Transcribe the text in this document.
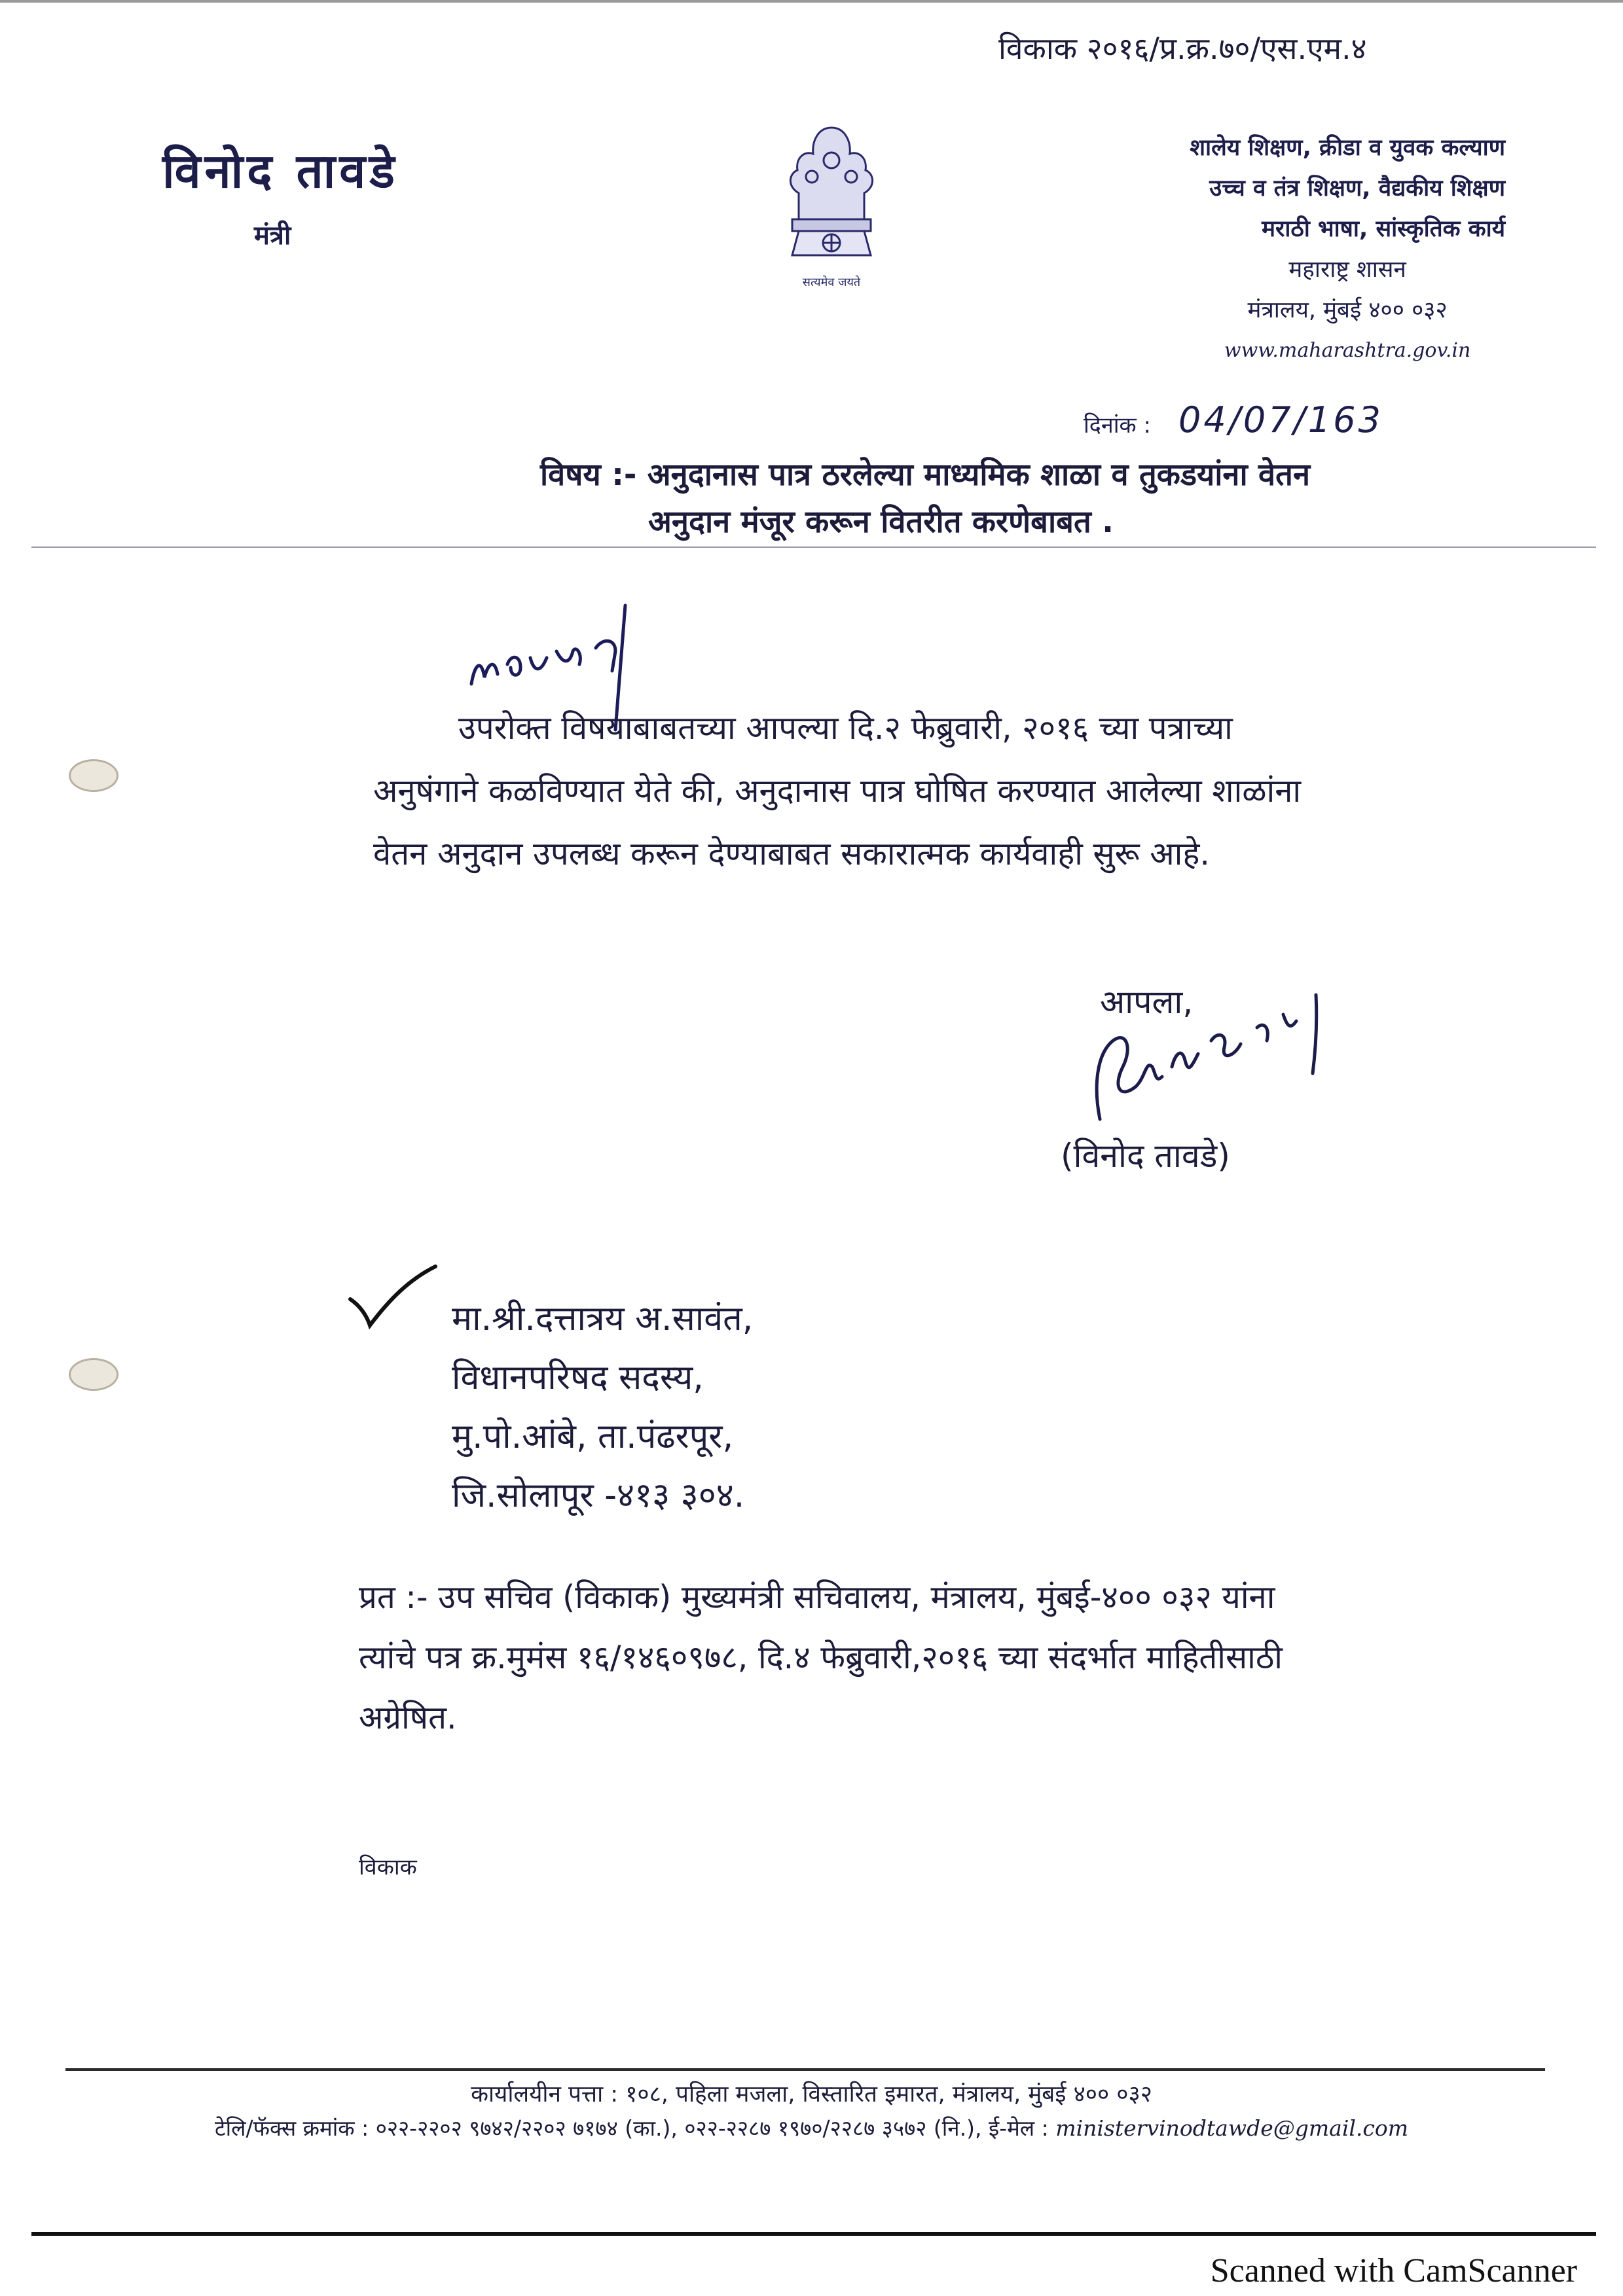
विकाक २०१६/प्र.क्र.७०/एस.एम.४
विनोद तावडे
मंत्री
सत्यमेव जयते
शालेय शिक्षण, क्रीडा व युवक कल्याण
उच्च व तंत्र शिक्षण, वैद्यकीय शिक्षण
मराठी भाषा, सांस्कृतिक कार्य
महाराष्ट्र शासन
मंत्रालय, मुंबई ४०० ०३२
www.maharashtra.gov.in
दिनांक : 04/07/163
विषय :- अनुदानास पात्र ठरलेल्या माध्यमिक शाळा व तुकडयांना वेतन
अनुदान मंजूर करून वितरीत करणेबाबत .
उपरोक्त विषयाबाबतच्या आपल्या दि.२ फेब्रुवारी, २०१६ च्या पत्राच्या
अनुषंगाने कळविण्यात येते की, अनुदानास पात्र घोषित करण्यात आलेल्या शाळांना
वेतन अनुदान उपलब्ध करून देण्याबाबत सकारात्मक कार्यवाही सुरू आहे.
आपला,
(विनोद तावडे)
मा.श्री.दत्तात्रय अ.सावंत,
विधानपरिषद सदस्य,
मु.पो.आंबे, ता.पंढरपूर,
जि.सोलापूर -४१३ ३०४.
प्रत :- उप सचिव (विकाक) मुख्यमंत्री सचिवालय, मंत्रालय, मुंबई-४०० ०३२ यांना
त्यांचे पत्र क्र.मुमंस १६/१४६०९७८, दि.४ फेब्रुवारी,२०१६ च्या संदर्भात माहितीसाठी
अग्रेषित.
विकाक
कार्यालयीन पत्ता : १०८, पहिला मजला, विस्तारित इमारत, मंत्रालय, मुंबई ४०० ०३२
टेलि/फॅक्स क्रमांक : ०२२-२२०२ ९७४२/२२०२ ७१७४ (का.), ०२२-२२८७ १९७०/२२८७ ३५७२ (नि.), ई-मेल : ministervinodtawde@gmail.com
Scanned with CamScanner
